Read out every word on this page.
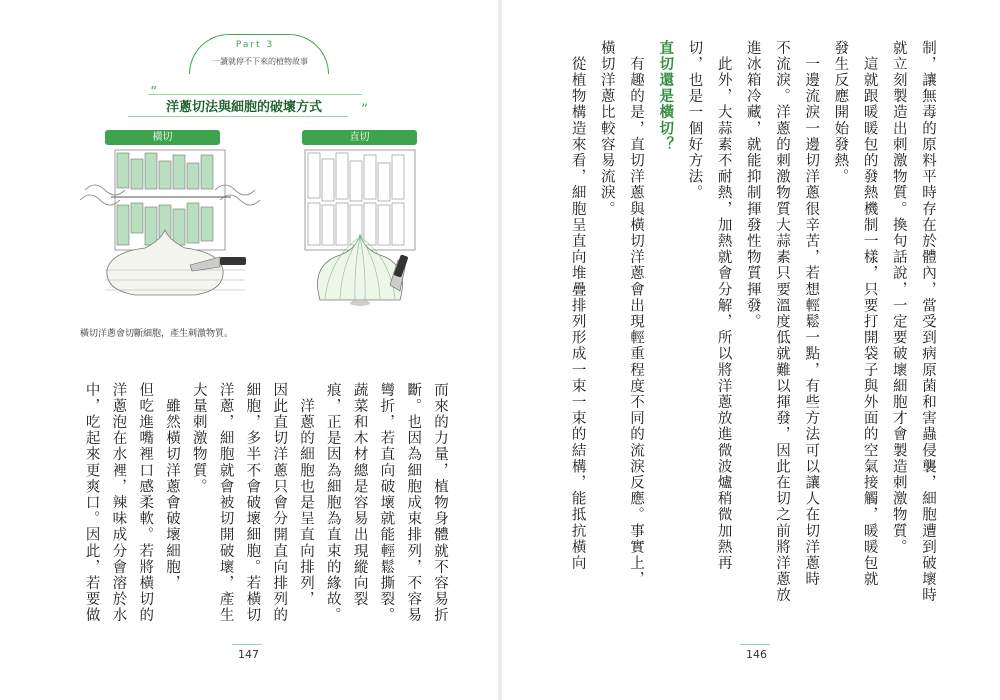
Part 3
一讀就停不下來的植物故事
“
洋蔥切法與細胞的破壞方式	”
橫切	直切
橫切洋蔥會切斷細胞，產生刺激物質。
而來的力量，植物身體就不容易折
斷。也因為細胞成束排列，不容易
彎折，若直向破壞就能輕鬆撕裂。
蔬菜和木材總是容易出現縱向裂
痕，正是因為細胞為直束的緣故。
　洋蔥的細胞也是呈直向排列，
因此直切洋蔥只會分開直向排列的
細胞，多半不會破壞細胞。若橫切
洋蔥，細胞就會被切開破壞，產生
大量刺激物質。
　雖然橫切洋蔥會破壞細胞，
但吃進嘴裡口感柔軟。若將橫切的
洋蔥泡在水裡，辣味成分會溶於水
中，吃起來更爽口。因此，若要做
147
制，讓無毒的原料平時存在於體內，當受到病原菌和害蟲侵襲，細胞遭到破壞時
就立刻製造出刺激物質。換句話說，一定要破壞細胞才會製造刺激物質。
　這就跟暖暖包的發熱機制一樣，只要打開袋子與外面的空氣接觸，暖暖包就
發生反應開始發熱。
　一邊流淚一邊切洋蔥很辛苦，若想輕鬆一點，有些方法可以讓人在切洋蔥時
不流淚。洋蔥的刺激物質大蒜素只要溫度低就難以揮發，因此在切之前將洋蔥放
進冰箱冷藏，就能抑制揮發性物質揮發。
　此外，大蒜素不耐熱，加熱就會分解，所以將洋蔥放進微波爐稍微加熱再
切，也是一個好方法。
直切還是橫切？
　有趣的是，直切洋蔥與橫切洋蔥會出現輕重程度不同的流淚反應。事實上，
橫切洋蔥比較容易流淚。
　從植物構造來看，細胞呈直向堆疊排列形成一束一束的結構，能抵抗橫向
146
